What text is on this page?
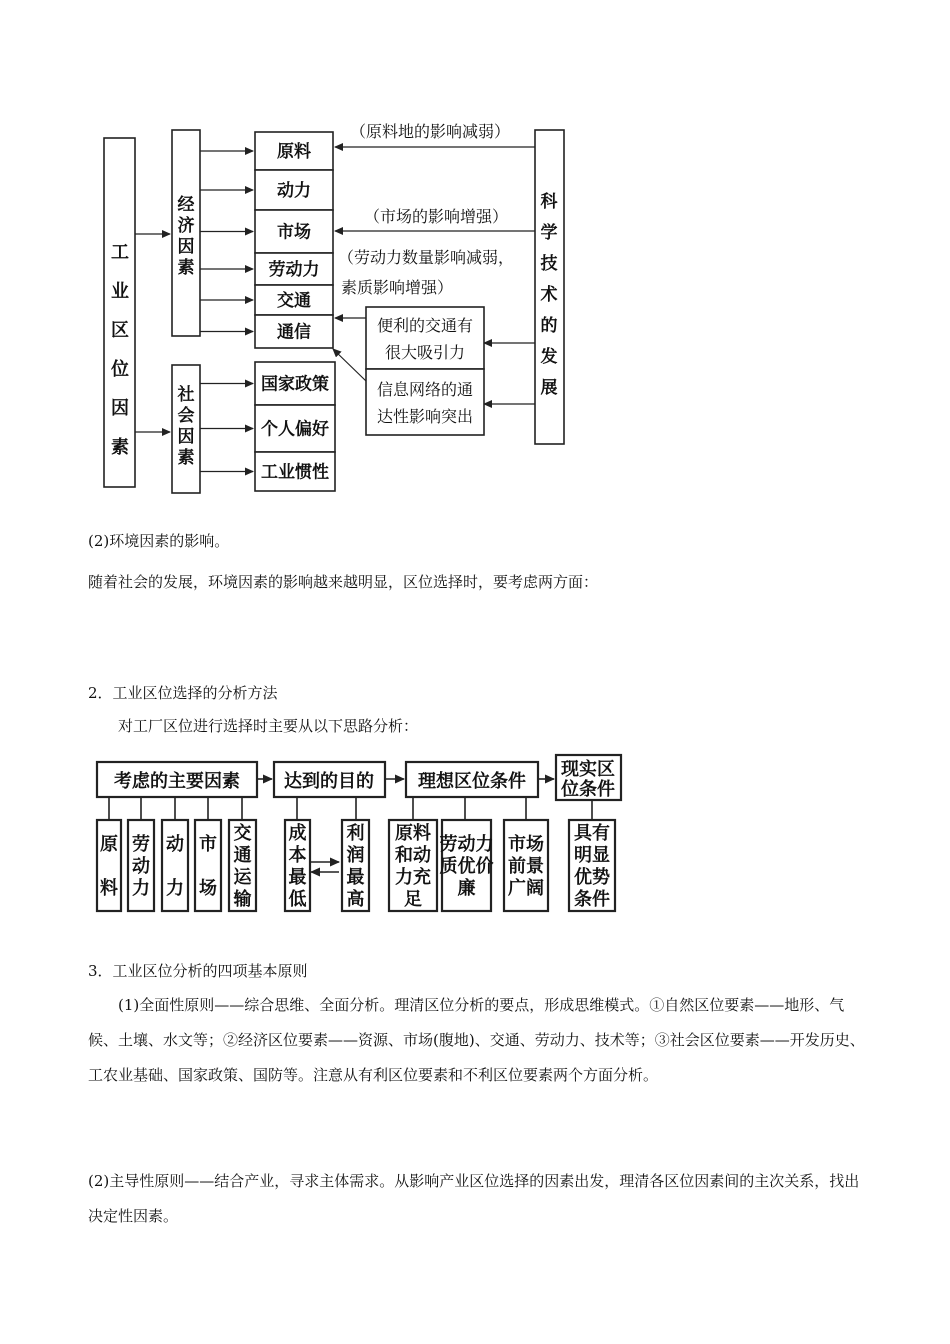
工业区位因素
经济因素
社会因素
原料
动力
市场
劳动力
交通
通信
国家政策
个人偏好
工业惯性
科学技术的发展
（原料地的影响减弱）
（市场的影响增强）
（劳动力数量影响减弱，
素质影响增强）
便利的交通有
很大吸引力
信息网络的通
达性影响突出

(2)环境因素的影响。

随着社会的发展，环境因素的影响越来越明显，区位选择时，要考虑两方面：

2．工业区位选择的分析方法

对工厂区位进行选择时主要从以下思路分析：

考虑的主要因素 达到的目的 理想区位条件
现实区
位条件
原
料
劳
动
力
动
力
市
场
交
通
运
输
成
本
最
低
利
润
最
高
原料
和动
力充
足
劳动力
质优价
廉
市场
前景
广阔
具有
明显
优势
条件

3．工业区位分析的四项基本原则

(1)全面性原则——综合思维、全面分析。理清区位分析的要点，形成思维模式。①自然区位要素——地形、气候、土壤、水文等；②经济区位要素——资源、市场(腹地)、交通、劳动力、技术等；③社会区位要素——开发历史、工农业基础、国家政策、国防等。注意从有利区位要素和不利区位要素两个方面分析。

(2)主导性原则——结合产业，寻求主体需求。从影响产业区位选择的因素出发，理清各区位因素间的主次关系，找出决定性因素。
